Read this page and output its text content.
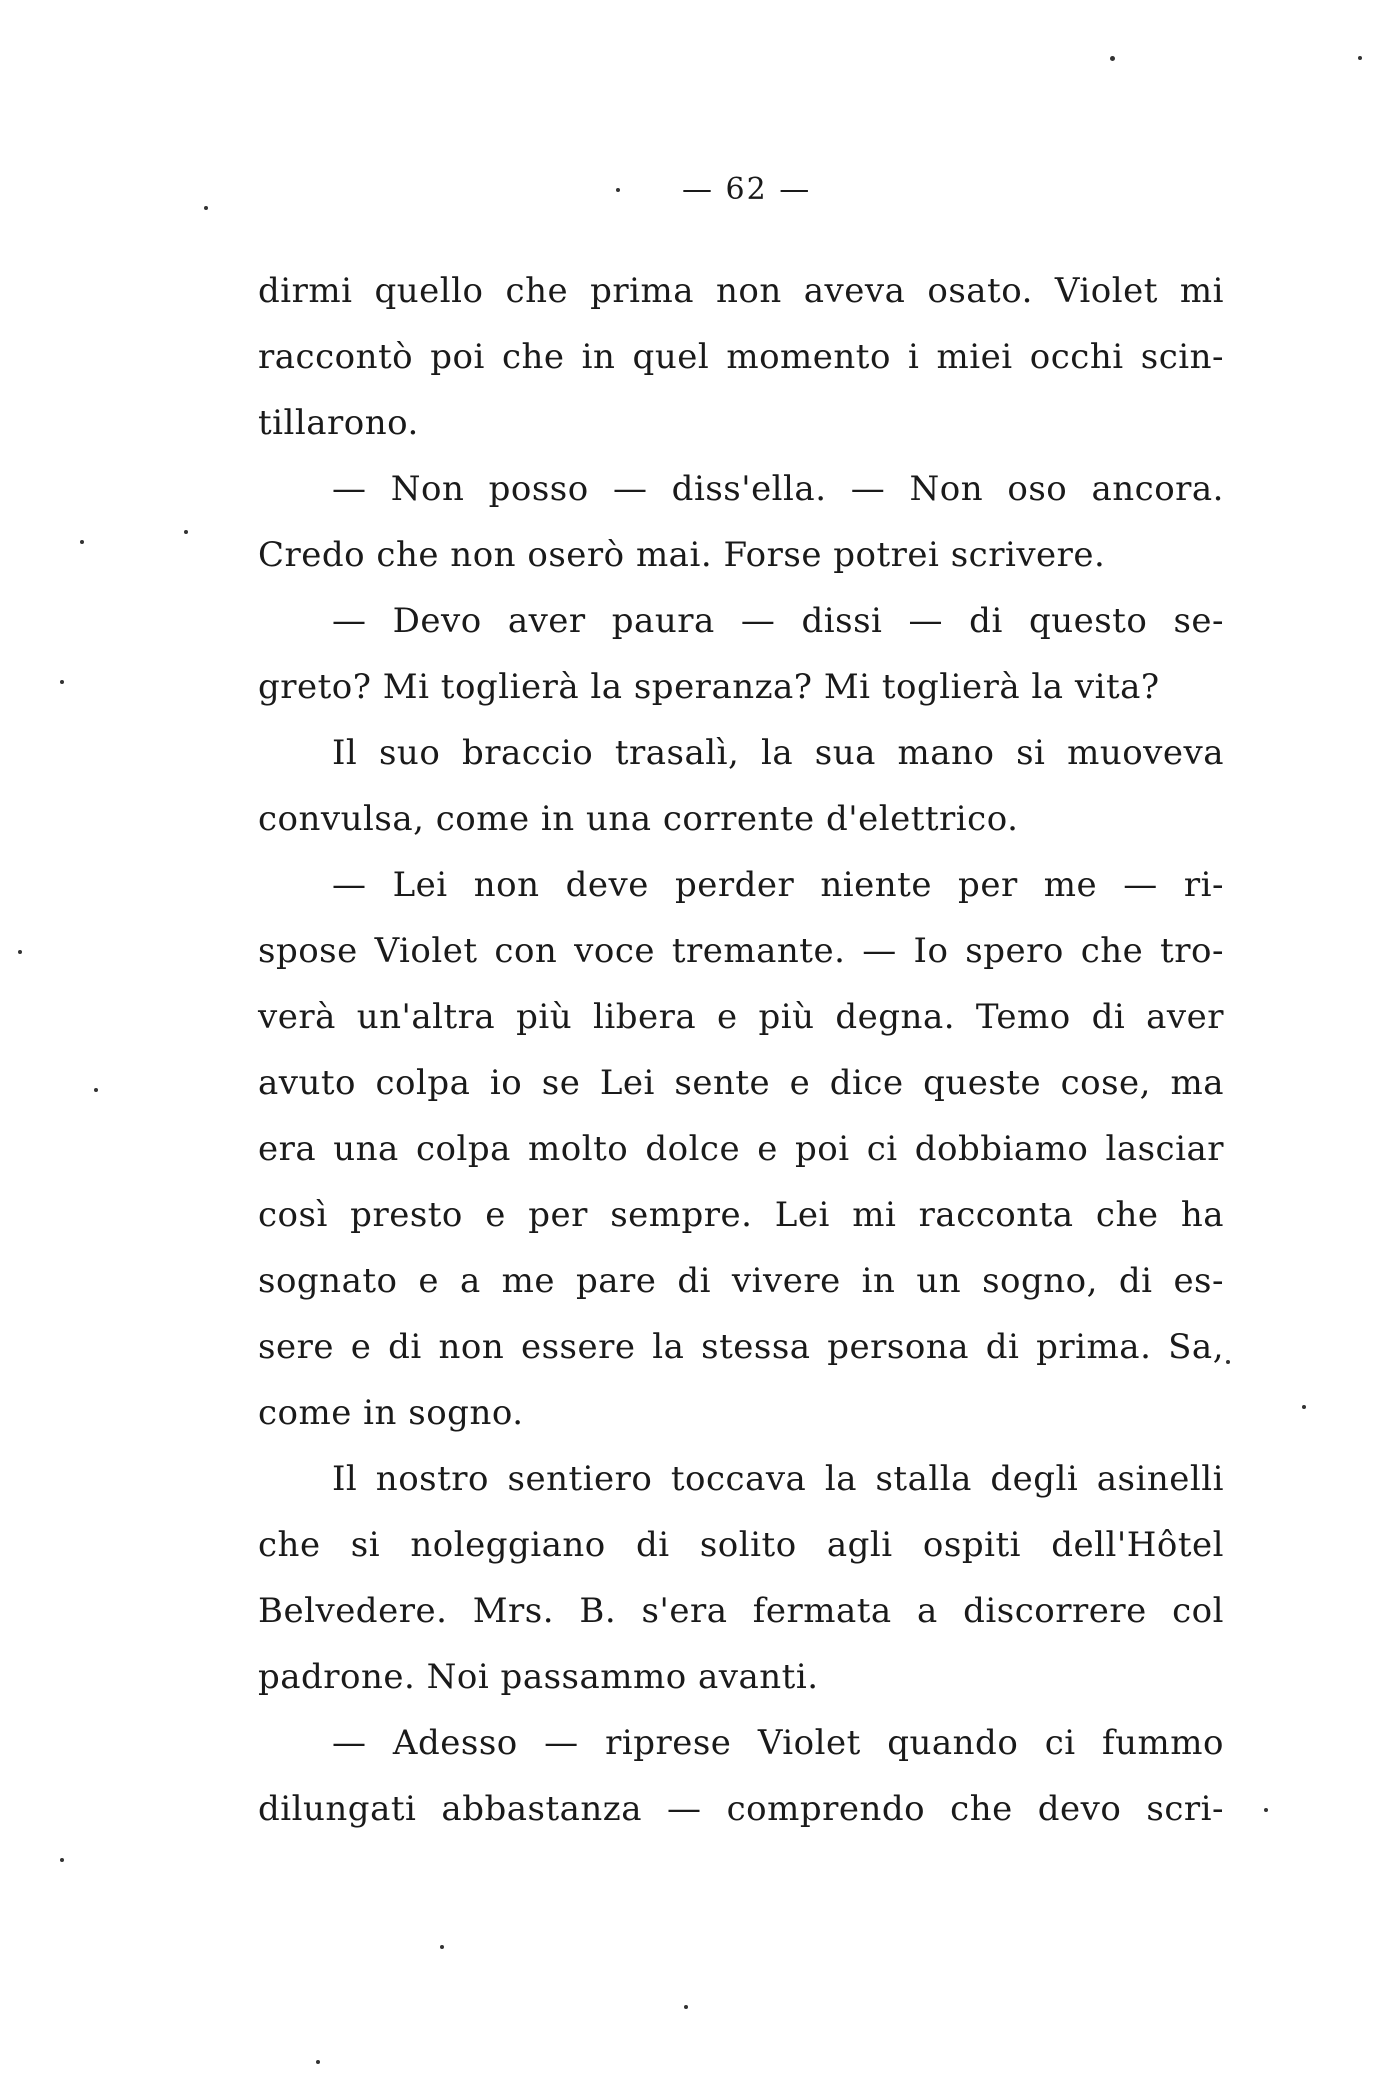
— 62 —
dirmi quello che prima non aveva osato. Violet mi
raccontò poi che in quel momento i miei occhi scin-
tillarono.
— Non posso — diss'ella. — Non oso ancora.
Credo che non oserò mai. Forse potrei scrivere.
— Devo aver paura — dissi — di questo se-
greto? Mi toglierà la speranza? Mi toglierà la vita?
Il suo braccio trasalì, la sua mano si muoveva
convulsa, come in una corrente d'elettrico.
— Lei non deve perder niente per me — ri-
spose Violet con voce tremante. — Io spero che tro-
verà un'altra più libera e più degna. Temo di aver
avuto colpa io se Lei sente e dice queste cose, ma
era una colpa molto dolce e poi ci dobbiamo lasciar
così presto e per sempre. Lei mi racconta che ha
sognato e a me pare di vivere in un sogno, di es-
sere e di non essere la stessa persona di prima. Sa,
come in sogno.
Il nostro sentiero toccava la stalla degli asinelli
che si noleggiano di solito agli ospiti dell'Hôtel
Belvedere. Mrs. B. s'era fermata a discorrere col
padrone. Noi passammo avanti.
— Adesso — riprese Violet quando ci fummo
dilungati abbastanza — comprendo che devo scri-
